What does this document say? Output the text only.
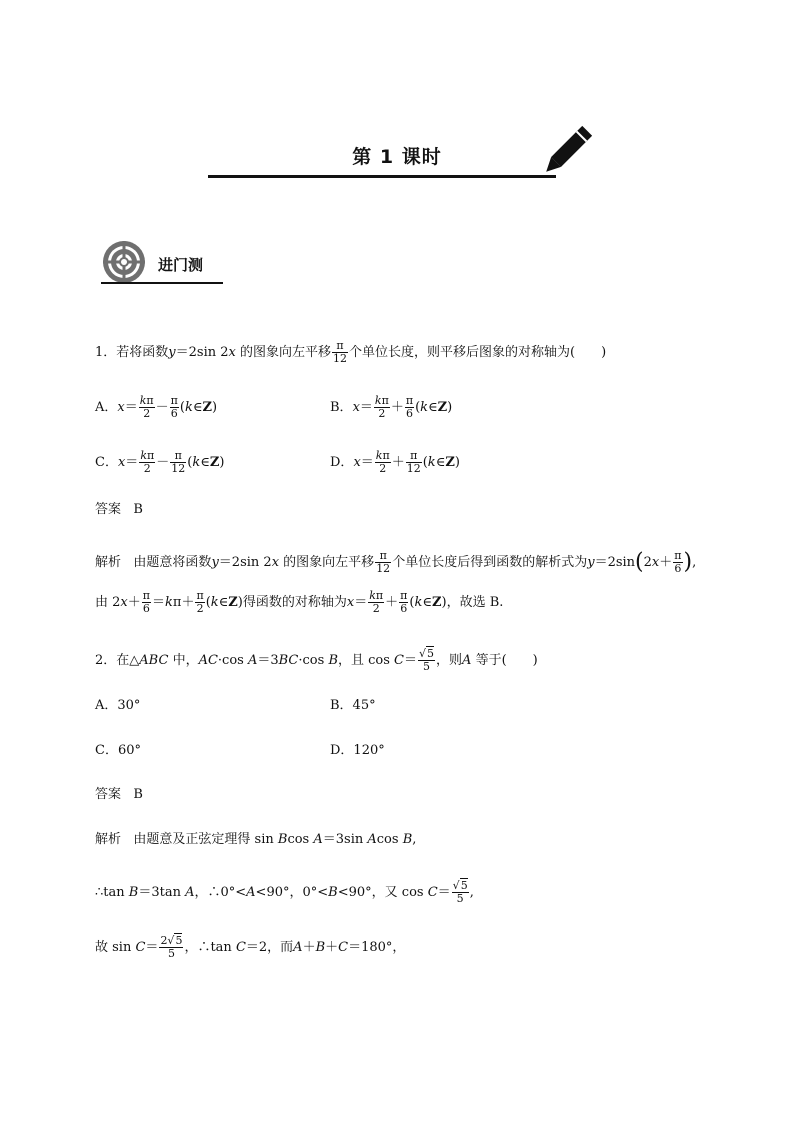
第 1 课时
进门测
1．若将函数y＝2sin 2x 的图象向左平移 $\frac{\pi}{12}$ 个单位长度，则平移后图象的对称轴为(　　)
A．$x= \frac{k\pi}{2} - \frac{\pi}{6}$ (k∈Z)	B．$x= \frac{k\pi}{2} + \frac{\pi}{6}$ (k∈Z)
C．$x= \frac{k\pi}{2} - \frac{\pi}{12}$ (k∈Z)	D．$x= \frac{k\pi}{2} + \frac{\pi}{12}$ (k∈Z)
答案 B
解析 由题意将函数y＝2sin 2x 的图象向左平移 $\frac{\pi}{12}$ 个单位长度后得到函数的解析式为$y=2\sin(2x+ \frac{\pi}{6}$ ),
由 $2x+ \frac{\pi}{6} =k\pi+ \frac{\pi}{2}$ (k∈Z)得函数的对称轴为$x= \frac{k\pi}{2} + \frac{\pi}{6}$ (k∈Z)，故选 B.
2．在△ABC 中，AC·cos A＝3BC·cos B，且 $\cos C= \frac{√5}{5}$ ，则A 等于(　　)
A．30°	B．45°
C．60°	D．120°
答案 B
解析 由题意及正弦定理得 sin Bcos A＝3sin Acos B,
∴tan B＝3tan A，∴0°<A<90°，0°<B<90°，又 $\cos C= \frac{√5}{5}$ ,
故 $\sin C= \frac{2√5}{5}$ ，∴tan C＝2，而A＋B＋C＝180°，
